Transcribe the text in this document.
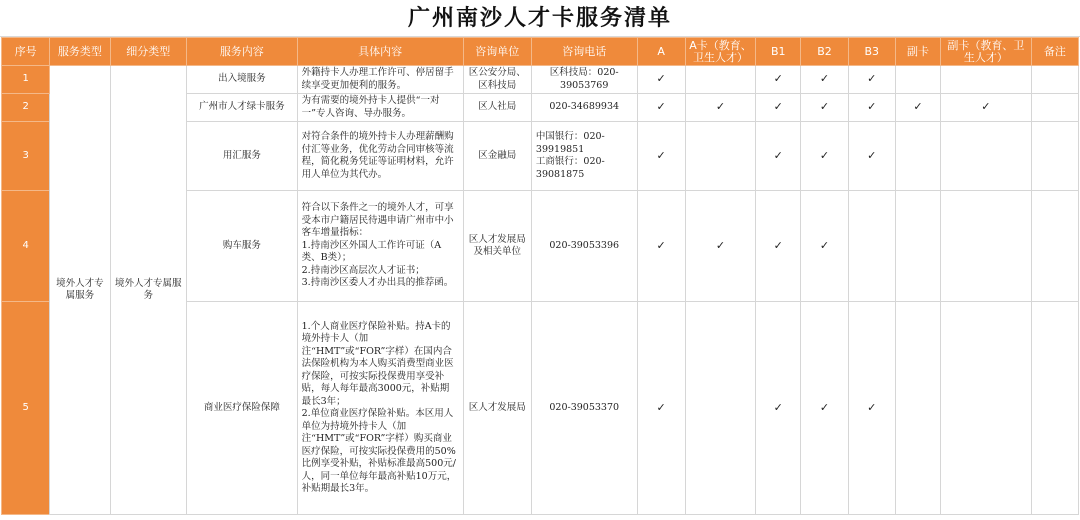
广州南沙人才卡服务清单
序号	服务类型	细分类型	服务内容	具体内容	咨询单位	咨询电话	A	A卡（教育、卫生人才）	B1	B2	B3	副卡	副卡（教育、卫生人才）	备注
1	境外人才专属服务	境外人才专属服务	出入境服务	外籍持卡人办理工作许可、停居留手续享受更加便利的服务。	区公安分局、区科技局	区科技局：020-39053769	✓		✓	✓	✓			
2			广州市人才绿卡服务	为有需要的境外持卡人提供“一对一”专人咨询、导办服务。	区人社局	020-34689934	✓	✓	✓	✓	✓	✓	✓	
3			用汇服务	对符合条件的境外持卡人办理薪酬购付汇等业务，优化劳动合同审核等流程，简化税务凭证等证明材料，允许用人单位为其代办。	区金融局	中国银行：020-39919851
工商银行：020-39081875	✓		✓	✓	✓			
4			购车服务	符合以下条件之一的境外人才，可享受本市户籍居民待遇申请广州市中小客车增量指标：
1.持南沙区外国人工作许可证（A类、B类）；
2.持南沙区高层次人才证书；
3.持南沙区委人才办出具的推荐函。	区人才发展局及相关单位	020-39053396	✓	✓	✓	✓				
5			商业医疗保险保障	1.个人商业医疗保险补贴。持A卡的境外持卡人（加注“HMT”或“FOR”字样）在国内合法保险机构为本人购买消费型商业医疗保险，可按实际投保费用享受补贴，每人每年最高3000元，补贴期最长3年；
2.单位商业医疗保险补贴。本区用人单位为持境外持卡人（加注“HMT”或“FOR”字样）购买商业医疗保险，可按实际投保费用的50%比例享受补贴，补贴标准最高500元/人，同一单位每年最高补贴10万元，补贴期最长3年。	区人才发展局	020-39053370	✓		✓	✓	✓			
